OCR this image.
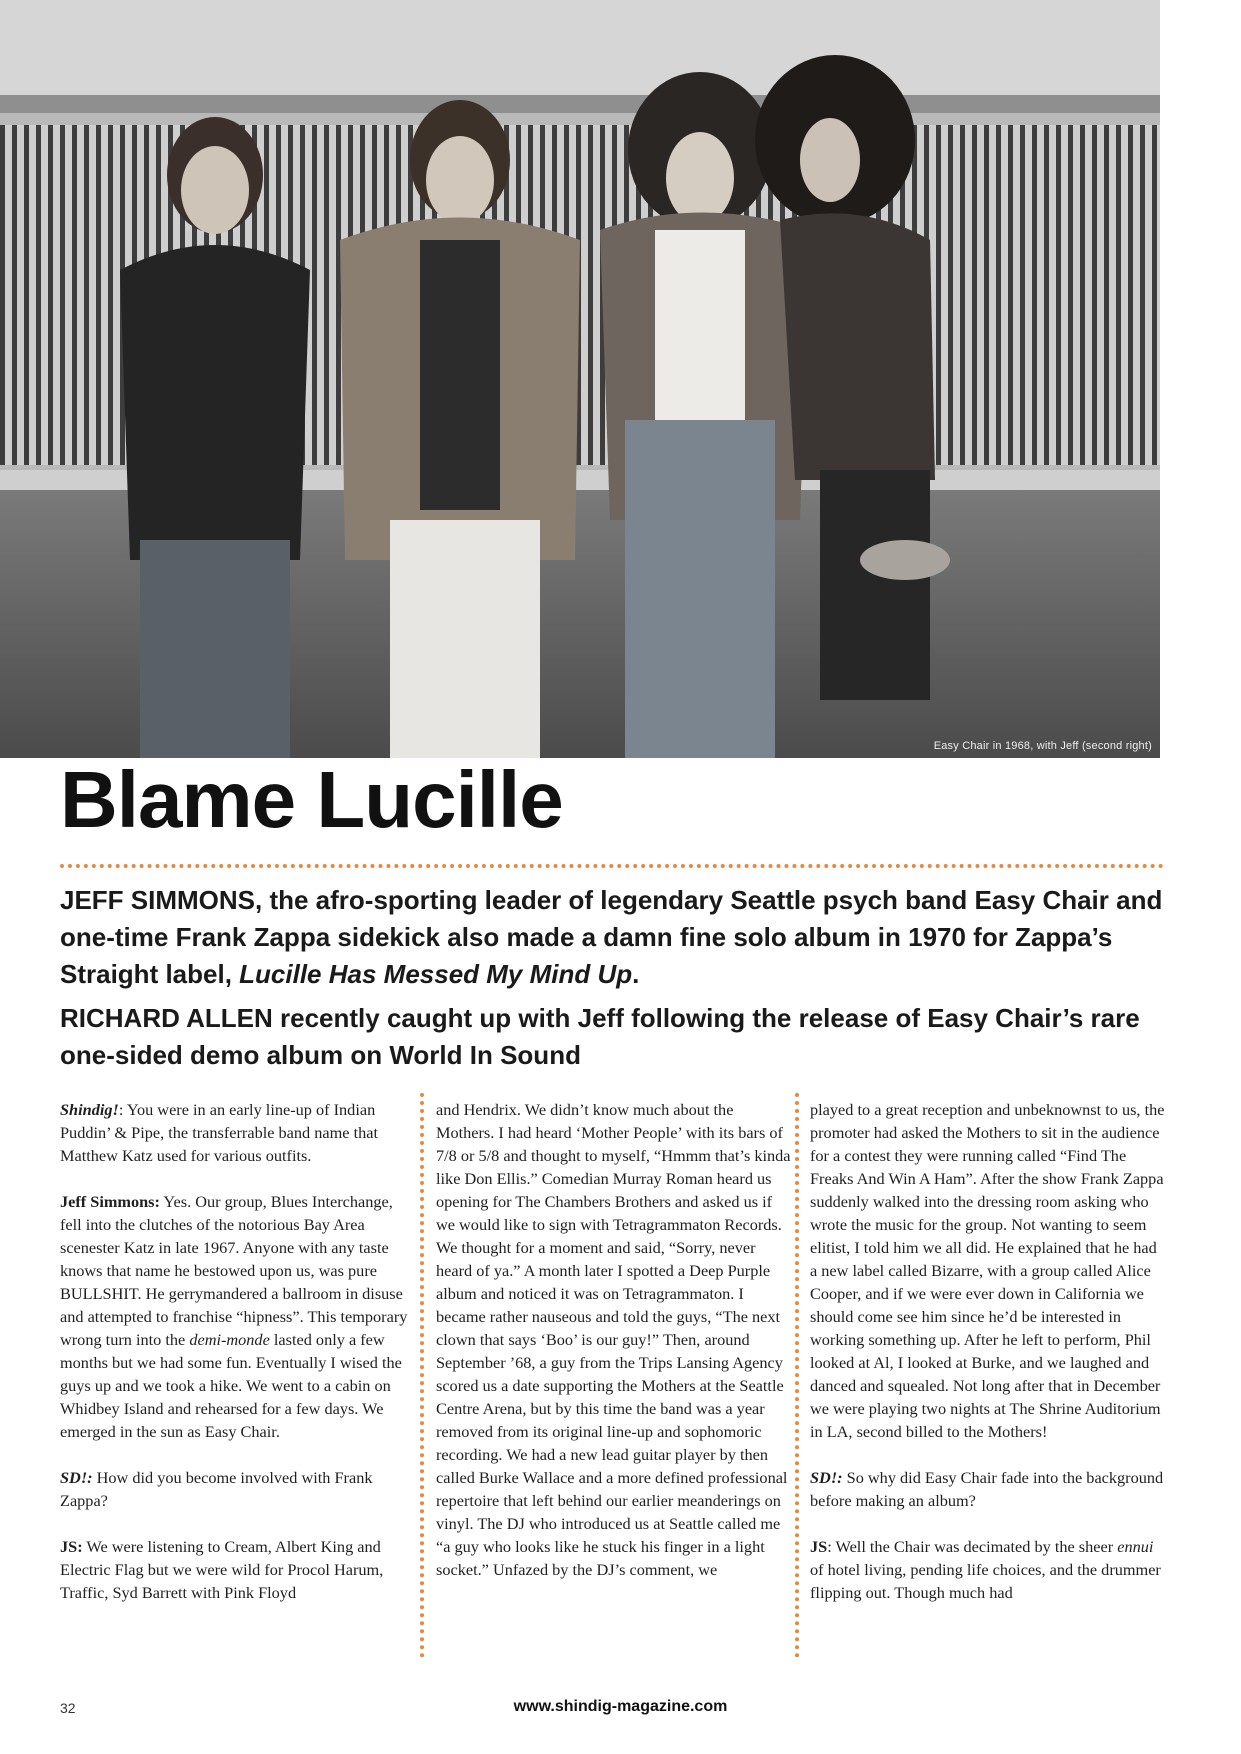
Easy Chair in 1968, with Jeff (second right)
Blame Lucille

JEFF SIMMONS, the afro-sporting leader of legendary Seattle psych band Easy Chair and one-time Frank Zappa sidekick also made a damn fine solo album in 1970 for Zappa’s Straight label, Lucille Has Messed My Mind Up.

RICHARD ALLEN recently caught up with Jeff following the release of Easy Chair’s rare one-sided demo album on World In Sound

Shindig!: You were in an early line-up of Indian Puddin’ & Pipe, the transferrable band name that Matthew Katz used for various outfits.

Jeff Simmons: Yes. Our group, Blues Interchange, fell into the clutches of the notorious Bay Area scenester Katz in late 1967. Anyone with any taste knows that name he bestowed upon us, was pure BULLSHIT. He gerrymandered a ballroom in disuse and attempted to franchise “hipness”. This temporary wrong turn into the demi-monde lasted only a few months but we had some fun. Eventually I wised the guys up and we took a hike. We went to a cabin on Whidbey Island and rehearsed for a few days. We emerged in the sun as Easy Chair.

SD!: How did you become involved with Frank Zappa?

JS: We were listening to Cream, Albert King and Electric Flag but we were wild for Procol Harum, Traffic, Syd Barrett with Pink Floyd

and Hendrix. We didn’t know much about the Mothers. I had heard ‘Mother People’ with its bars of 7/8 or 5/8 and thought to myself, “Hmmm that’s kinda like Don Ellis.” Comedian Murray Roman heard us opening for The Chambers Brothers and asked us if we would like to sign with Tetragrammaton Records. We thought for a moment and said, “Sorry, never heard of ya.” A month later I spotted a Deep Purple album and noticed it was on Tetragrammaton. I became rather nauseous and told the guys, “The next clown that says ‘Boo’ is our guy!” Then, around September ’68, a guy from the Trips Lansing Agency scored us a date supporting the Mothers at the Seattle Centre Arena, but by this time the band was a year removed from its original line-up and sophomoric recording. We had a new lead guitar player by then called Burke Wallace and a more defined professional repertoire that left behind our earlier meanderings on vinyl. The DJ who introduced us at Seattle called me “a guy who looks like he stuck his finger in a light socket.” Unfazed by the DJ’s comment, we

played to a great reception and unbeknownst to us, the promoter had asked the Mothers to sit in the audience for a contest they were running called “Find The Freaks And Win A Ham”. After the show Frank Zappa suddenly walked into the dressing room asking who wrote the music for the group. Not wanting to seem elitist, I told him we all did. He explained that he had a new label called Bizarre, with a group called Alice Cooper, and if we were ever down in California we should come see him since he’d be interested in working something up. After he left to perform, Phil looked at Al, I looked at Burke, and we laughed and danced and squealed. Not long after that in December we were playing two nights at The Shrine Auditorium in LA, second billed to the Mothers!

SD!: So why did Easy Chair fade into the background before making an album?

JS: Well the Chair was decimated by the sheer ennui of hotel living, pending life choices, and the drummer flipping out. Though much had

32	www.shindig-magazine.com
